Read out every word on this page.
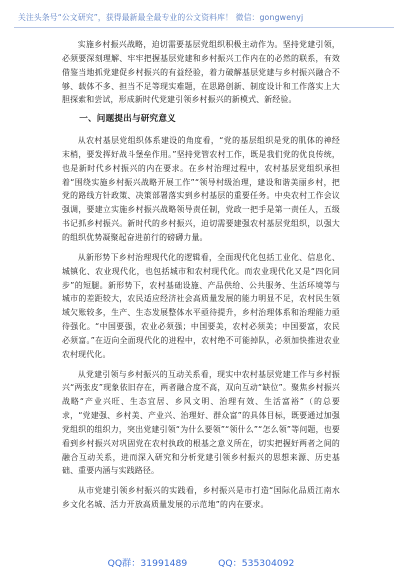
关注头条号“公文研究”，获得最新最全最专业的公文资料库！ 微信：gongwenyj

实施乡村振兴战略，迫切需要基层党组织积极主动作为。坚持党建引领，必须要深刻理解、牢牢把握基层党建和乡村振兴工作内在的必然的联系，有效借鉴当地抓党建促乡村振兴的有益经验，着力破解基层党建与乡村振兴融合不够、载体不多、担当不足等现实难题，在思路创新、制度设计和工作落实上大胆探索和尝试，形成新时代党建引领乡村振兴的新模式、新经验。

一、问题提出与研究意义

从农村基层党组织体系建设的角度看，“党的基层组织是党的肌体的神经末梢，要发挥好战斗堡垒作用。”坚持党管农村工作，既是我们党的优良传统，也是新时代乡村振兴的内在要求。在乡村治理过程中，农村基层党组织承担着“围绕实施乡村振兴战略开展工作”“领导村级治理，建设和谐美丽乡村，把党的路线方针政策、决策部署落实到乡村基层的重要任务。中央农村工作会议强调，要建立实施乡村振兴战略领导责任制，党政一把手是第一责任人，五级书记抓乡村振兴。新时代的乡村振兴，迫切需要建强农村基层党组织，以强大的组织优势凝聚起奋进前行的磅礴力量。

从新形势下乡村治理现代化的逻辑看，全面现代化包括工业化、信息化、城镇化、农业现代化，也包括城市和农村现代化。而农业现代化又是“四化同步”的短腿。新形势下，农村基础设施、产品供给、公共服务、生活环境等与城市的差距较大，农民适应经济社会高质量发展的能力明显不足，农村民生领域欠账较多，生产、生态发展整体水平亟待提升，乡村治理体系和治理能力亟待强化。“中国要强，农业必须强；中国要美，农村必须美；中国要富，农民必须富。”在迈向全面现代化的进程中，农村绝不可能掉队，必须加快推进农业农村现代化。

从党建引领与乡村振兴的互动关系看，现实中农村基层党建工作与乡村振兴“两张皮”现象依旧存在，两者融合度不高，双向互动“缺位”。聚焦乡村振兴战略“产业兴旺、生态宜居、乡风文明、治理有效、生活富裕”（的总要求，“党建强、乡村美、产业兴、治理好、群众富”的具体目标，既要通过加强党组织的组织力，突出党建引领“为什么要领”“领什么”“怎么领”等问题，也要看到乡村振兴对巩固党在农村执政的根基之意义所在，切实把握好两者之间的融合互动关系，进而深入研究和分析党建引领乡村振兴的思想来源、历史基础、重要内涵与实践路径。

从市党建引领乡村振兴的实践看，乡村振兴是市打造“国际化品质江南水乡文化名城、活力开放高质量发展的示范地”的内在要求。

QQ群：31991489	QQ：535304092
